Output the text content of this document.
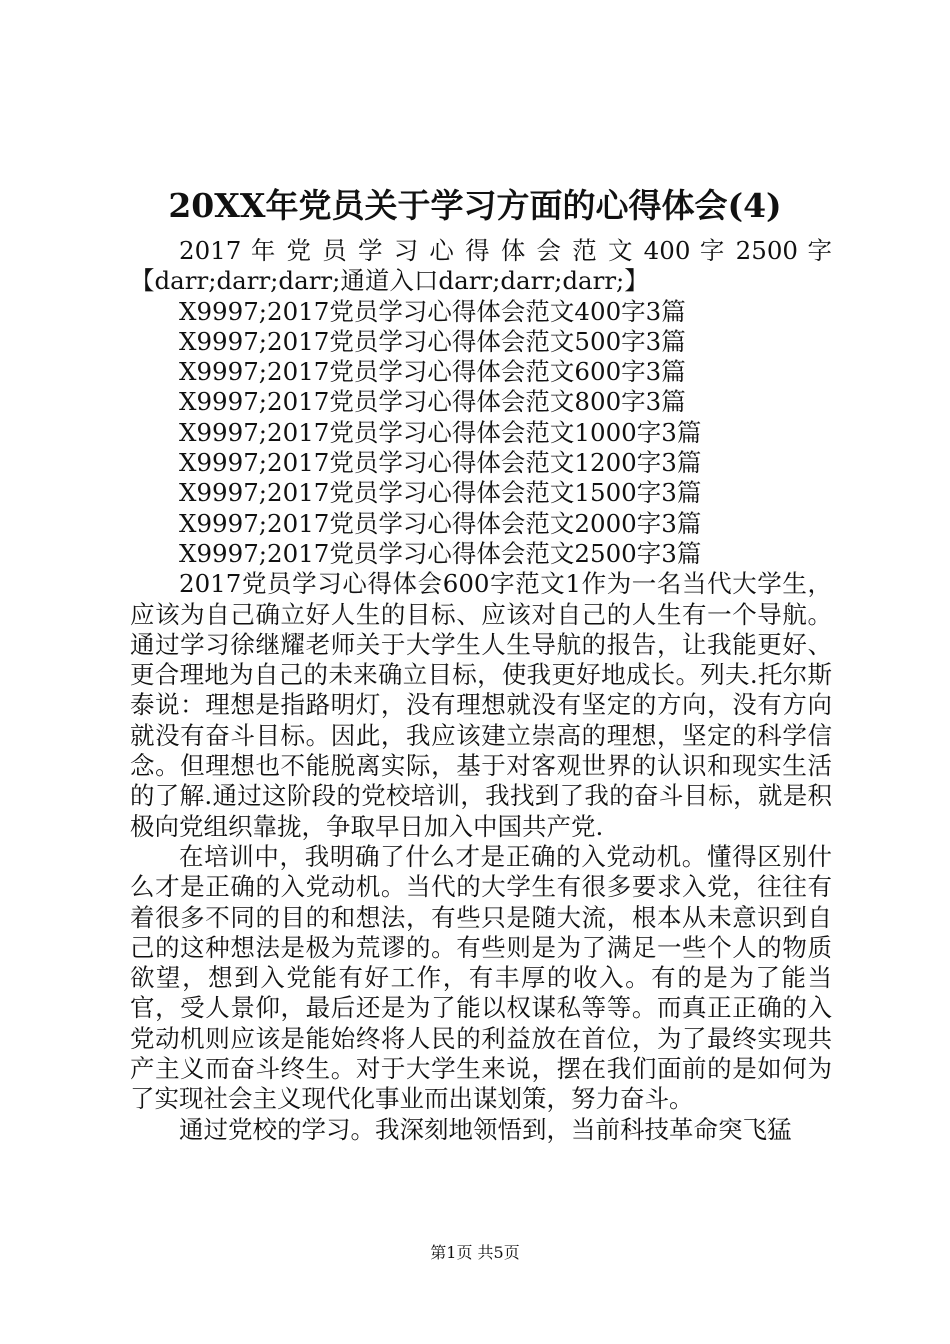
20XX年党员关于学习方面的心得体会(4)
2017 年 党 员 学 习 心 得 体 会 范 文 400 字 2500 字
【darr;darr;darr;通道入口darr;darr;darr;】
X9997;2017党员学习心得体会范文400字3篇
X9997;2017党员学习心得体会范文500字3篇
X9997;2017党员学习心得体会范文600字3篇
X9997;2017党员学习心得体会范文800字3篇
X9997;2017党员学习心得体会范文1000字3篇
X9997;2017党员学习心得体会范文1200字3篇
X9997;2017党员学习心得体会范文1500字3篇
X9997;2017党员学习心得体会范文2000字3篇
X9997;2017党员学习心得体会范文2500字3篇

2017党员学习心得体会600字范文1作为一名当代大学生，应该为自己确立好人生的目标、应该对自己的人生有一个导航。通过学习徐继耀老师关于大学生人生导航的报告，让我能更好、更合理地为自己的未来确立目标，使我更好地成长。列夫.托尔斯泰说：理想是指路明灯，没有理想就没有坚定的方向，没有方向就没有奋斗目标。因此，我应该建立崇高的理想，坚定的科学信念。但理想也不能脱离实际，基于对客观世界的认识和现实生活的了解.通过这阶段的党校培训，我找到了我的奋斗目标，就是积极向党组织靠拢，争取早日加入中国共产党.

在培训中，我明确了什么才是正确的入党动机。懂得区别什么才是正确的入党动机。当代的大学生有很多要求入党，往往有着很多不同的目的和想法，有些只是随大流，根本从未意识到自己的这种想法是极为荒谬的。有些则是为了满足一些个人的物质欲望，想到入党能有好工作，有丰厚的收入。有的是为了能当官，受人景仰，最后还是为了能以权谋私等等。而真正正确的入党动机则应该是能始终将人民的利益放在首位，为了最终实现共产主义而奋斗终生。对于大学生来说，摆在我们面前的是如何为了实现社会主义现代化事业而出谋划策，努力奋斗。

通过党校的学习。我深刻地领悟到，当前科技革命突飞猛

第1页 共5页
